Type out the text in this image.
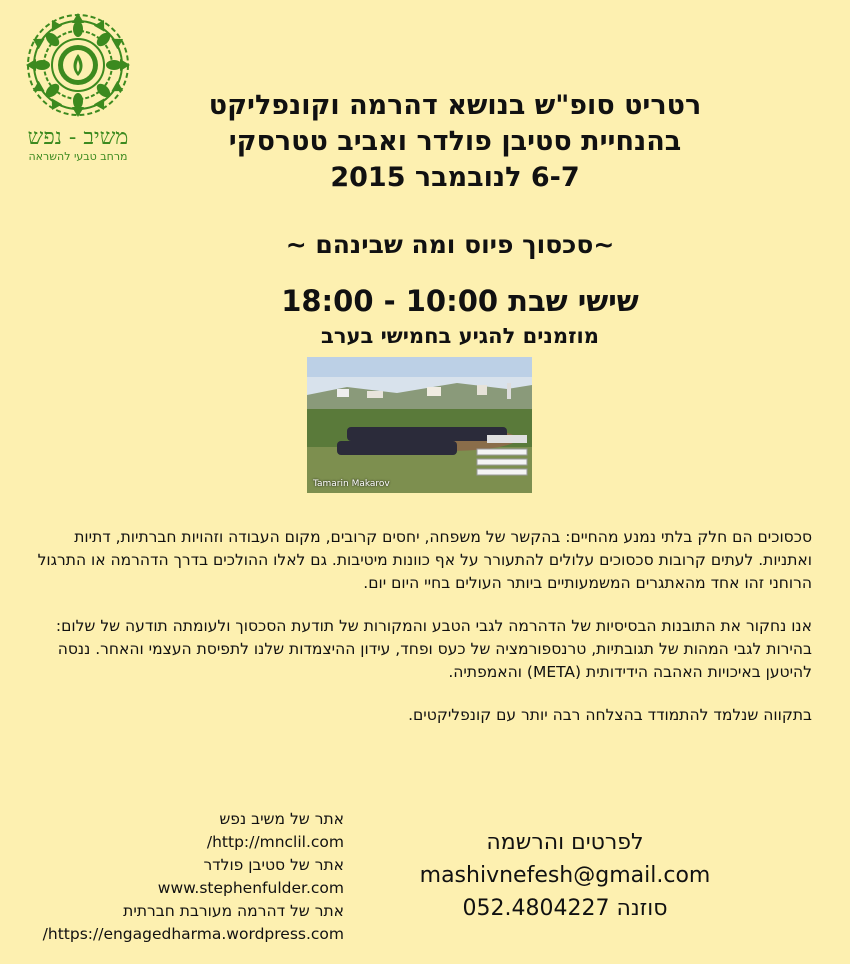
משיב - נפש
מרחב טבעי להשראה
רטריט סופ"ש בנושא דהרמה וקונפליקט
בהנחיית סטיבן פולדר ואביב טטרסקי
6-7 לנובמבר 2015
~סכסוך פיוס ומה שבינהם ~
שישי שבת 10:00 - 18:00
מוזמנים להגיע בחמישי בערב
Tamarin Makarov

סכסוכים הם חלק בלתי נמנע מהחיים: בהקשר של משפחה, יחסים קרובים, מקום העבודה וזהויות חברתיות, דתיות ואתניות. לעתים קרובות סכסוכים עלולים להתעורר על אף כוונות מיטיבות. גם לאלו ההולכים בדרך הדהרמה או התרגול הרוחני זהו אחד מהאתגרים המשמעותיים ביותר העולים בחיי היום יום.

אנו נחקור את התובנות הבסיסיות של הדהרמה לגבי הטבע והמקורות של תודעת הסכסוך ולעומתה תודעה של שלום: בהירות לגבי המהות של תגובתיות, טרנספורמציה של כעס ופחד, עידון ההיצמדות שלנו לתפיסת העצמי והאחר. ננסה להיטען באיכויות האהבה הידידותית (META) והאמפתיה.

בתקווה שנלמד להתמודד בהצלחה רבה יותר עם קונפליקטים.

לפרטים והרשמה
mashivnefesh@gmail.com
סוזנה 052.4804227
אתר של משיב נפש
http://mnclil.com/
אתר של סטיבן פולדר
www.stephenfulder.com
אתר של דהרמה מעורבת חברתית
https://engagedharma.wordpress.com/
